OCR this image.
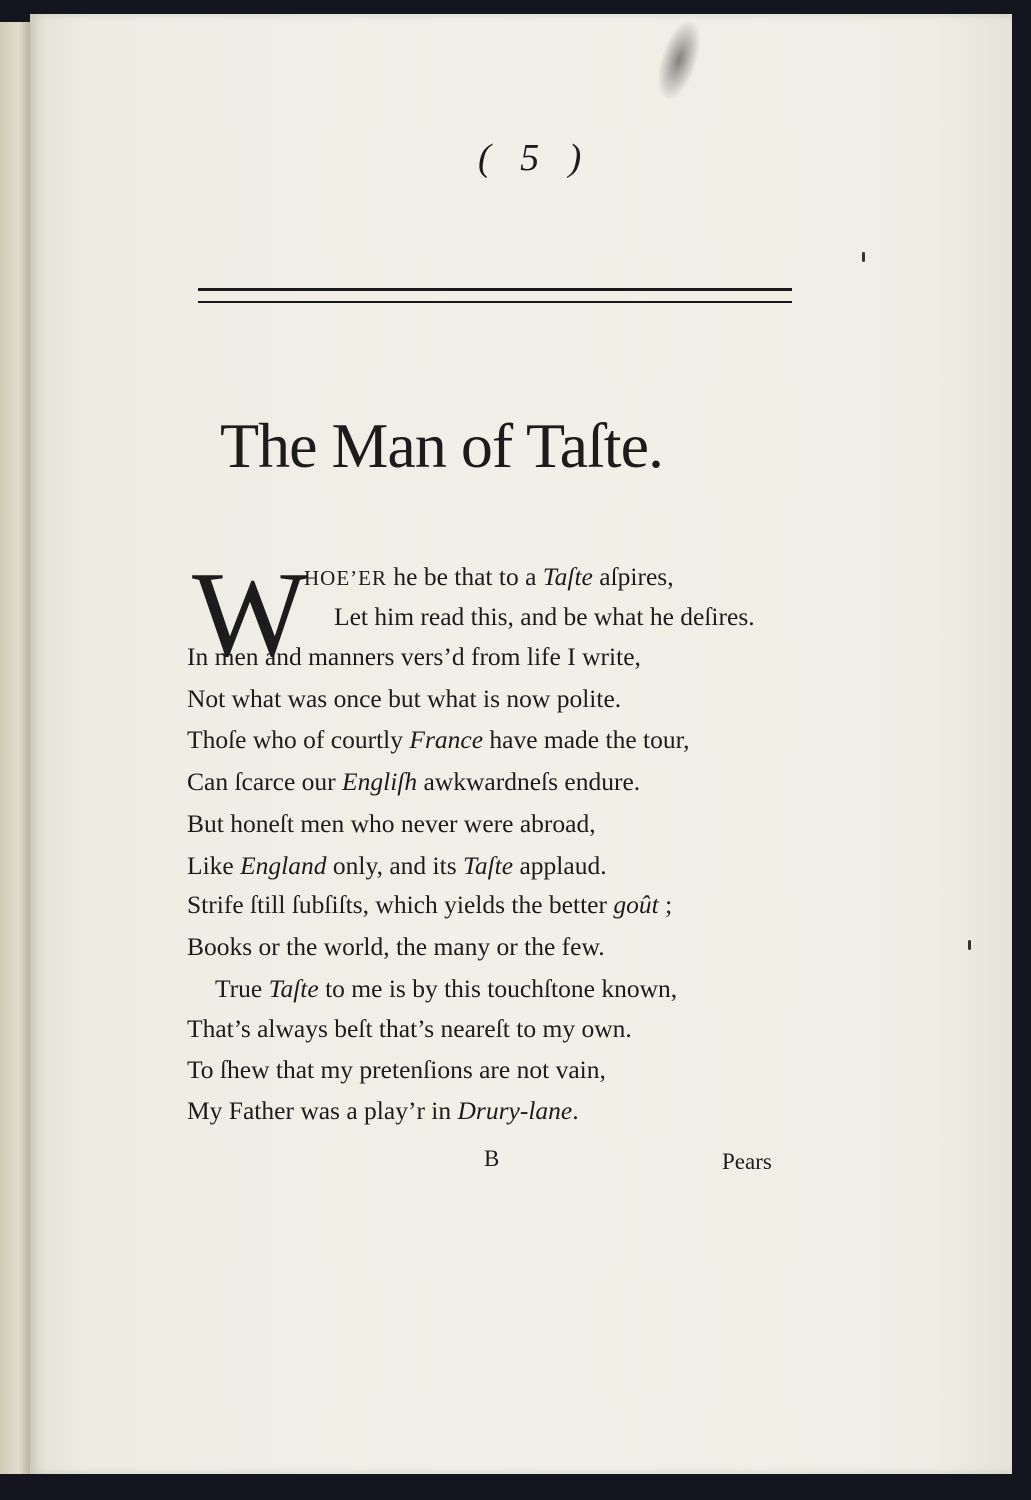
( 5 )
The Man of Taſte.
W
HOE’ER he be that to a Taſte aſpires,
Let him read this, and be what he deſires.
In men and manners vers’d from life I write,
Not what was once but what is now polite.
Thoſe who of courtly France have made the tour,
Can ſcarce our Engliſh awkwardneſs endure.
But honeſt men who never were abroad,
Like England only, and its Taſte applaud.
Strife ſtill ſubſiſts, which yields the better goût ;
Books or the world, the many or the few.
True Taſte to me is by this touchſtone known,
That’s always beſt that’s neareſt to my own.
To ſhew that my pretenſions are not vain,
My Father was a play’r in Drury-lane.
B	Pears
